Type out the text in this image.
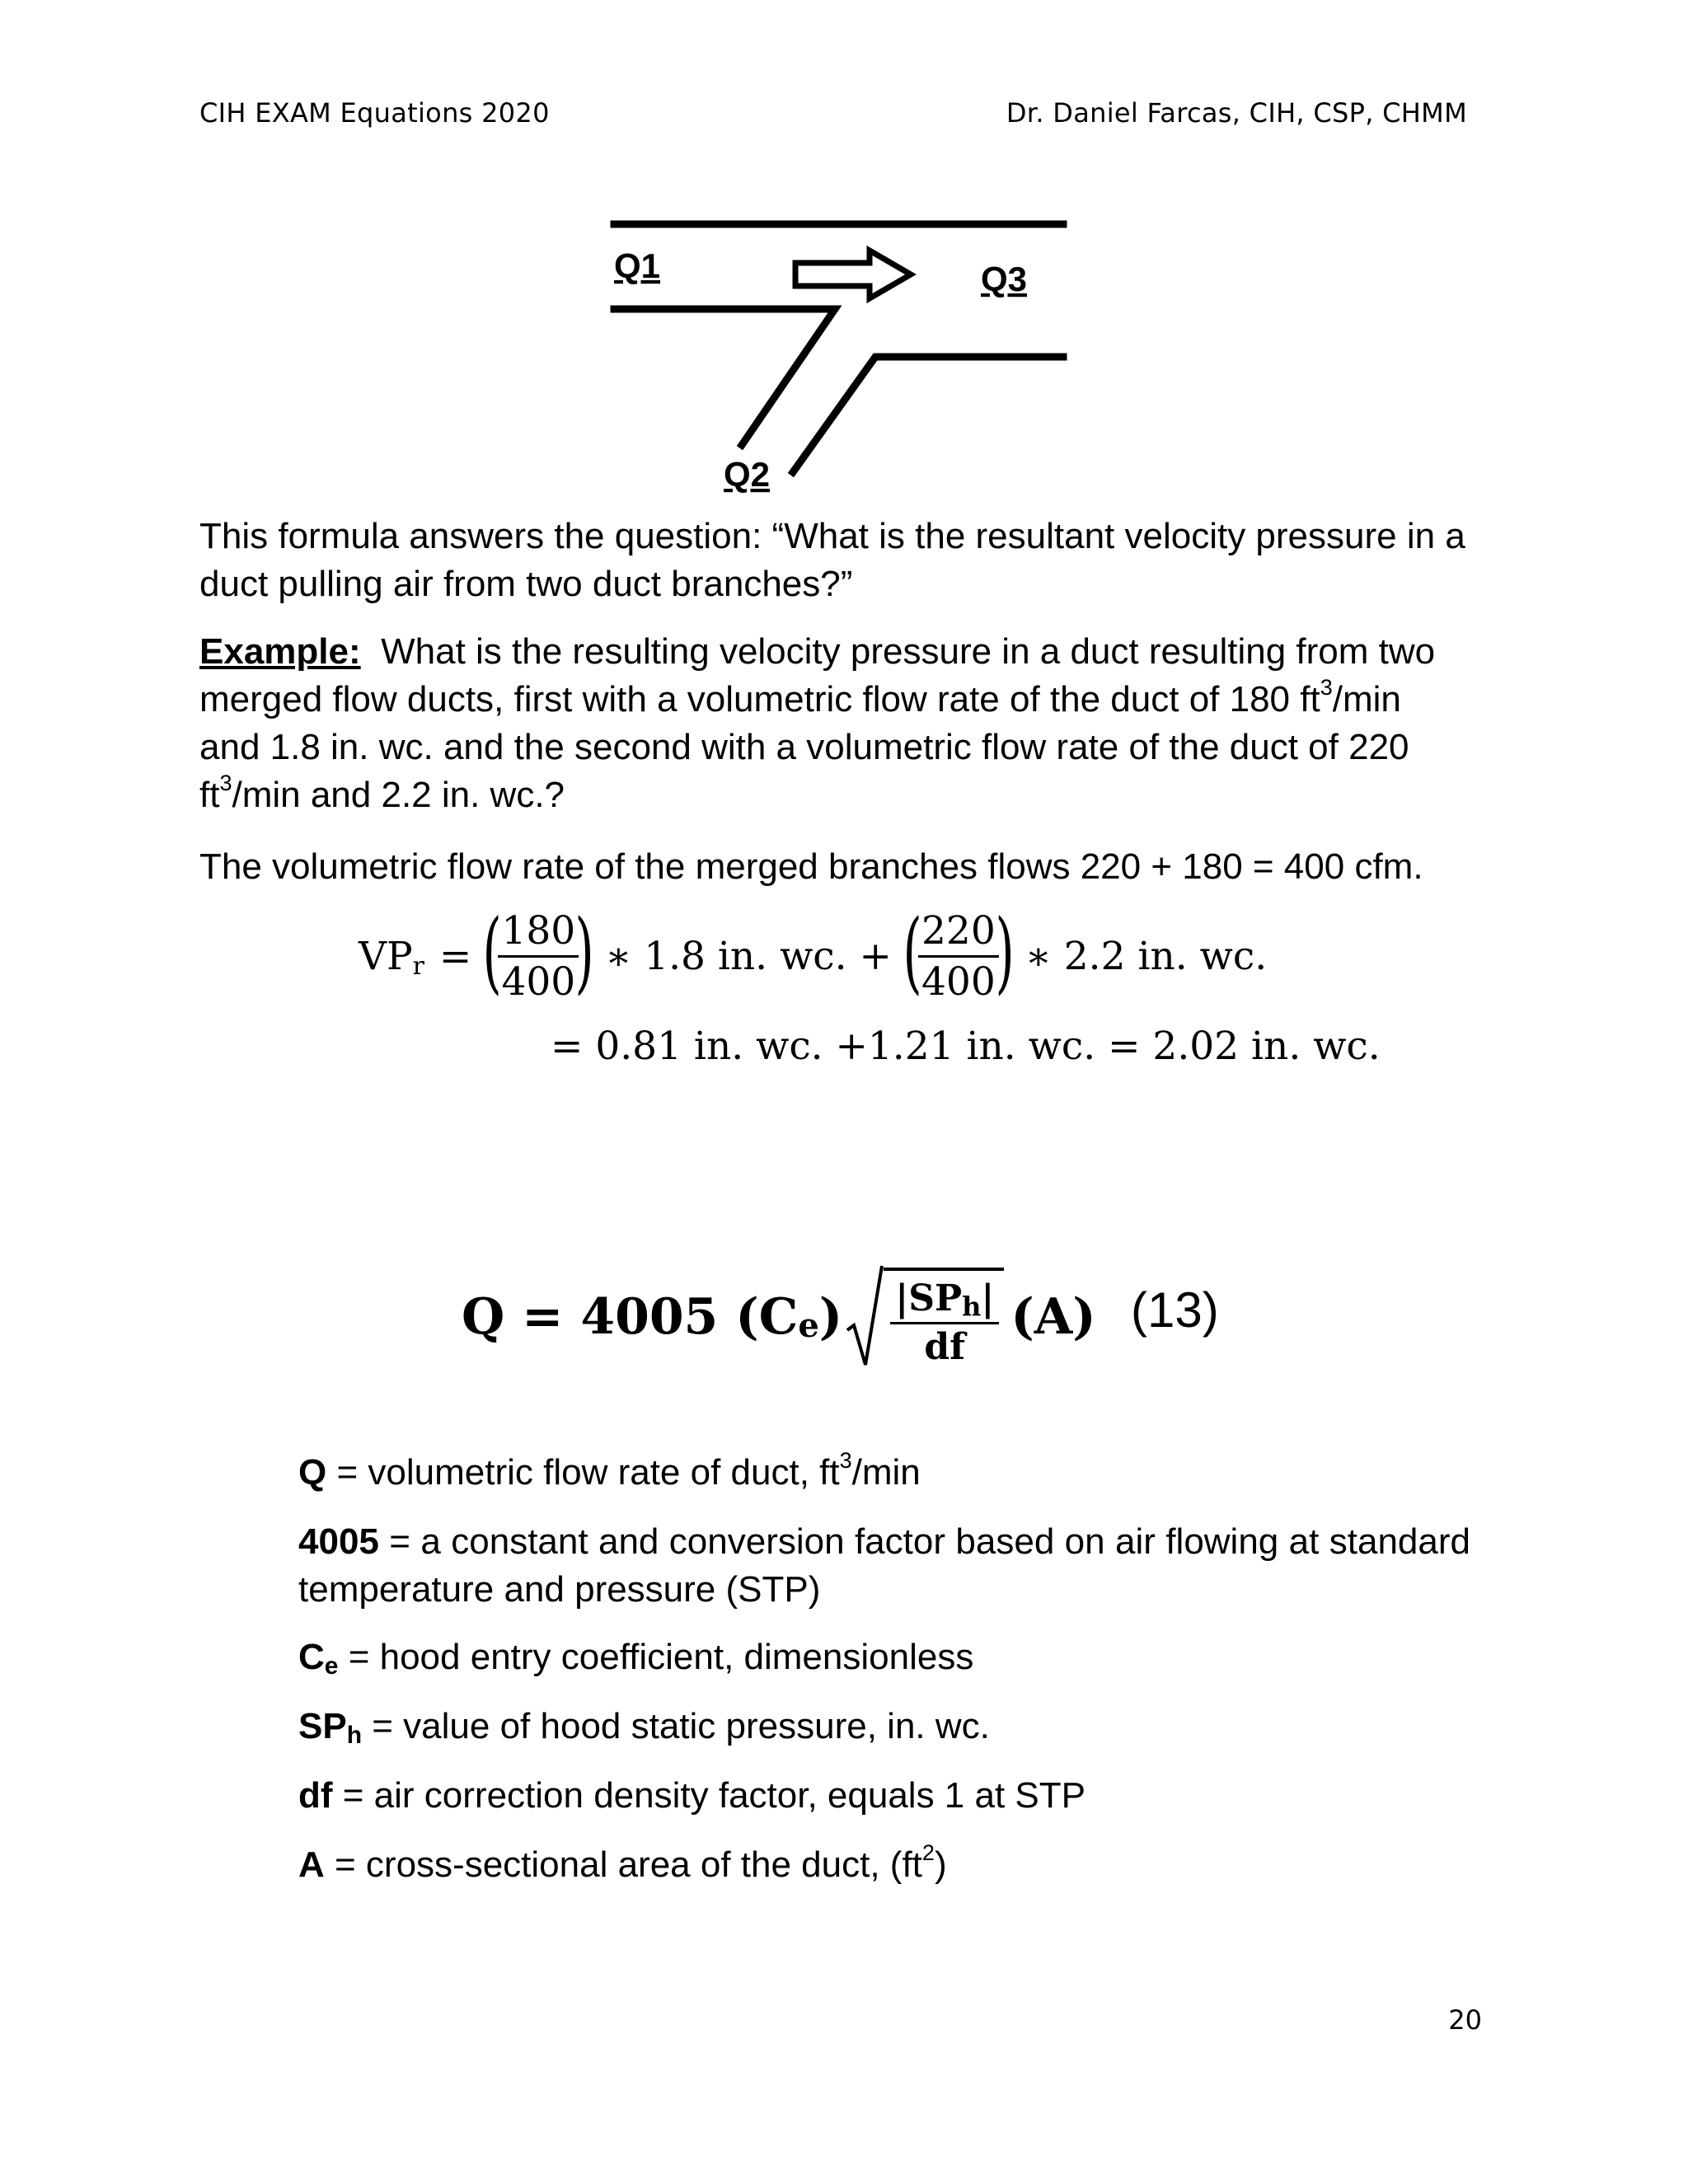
CIH EXAM Equations 2020	Dr. Daniel Farcas, CIH, CSP, CHMM
Q1	Q3
Q2

This formula answers the question: “What is the resultant velocity pressure in a duct pulling air from two duct branches?”

Example: What is the resulting velocity pressure in a duct resulting from two merged flow ducts, first with a volumetric flow rate of the duct of 180 $ft^3/\min$ and 1.8 in. wc. and the second with a volumetric flow rate of the duct of 220 $ft^3/\min$ and 2.2 in. wc.?

The volumetric flow rate of the merged branches flows 220 + 180 = 400 cfm.

VPr = (
$\frac{180}{400}$
) ∗ 1.8 in. wc. + (
$\frac{220}{400}$
) ∗ 2.2 in. wc.
= 0.81 in. wc. +1.21 in. wc. = 2.02 in. wc.
Q = 4005 (C e ) $\frac{\text{|SPh|}}{df} (A)$ (13)

Q = volumetric flow rate of duct, $ft^3/\min$

4005 = a constant and conversion factor based on air flowing at standard temperature and pressure (STP)

Ce = hood entry coefficient, dimensionless

SPh = value of hood static pressure, in. wc.

df = air correction density factor, equals 1 at STP

A = cross-sectional area of the duct, $(ft^2)$

20
